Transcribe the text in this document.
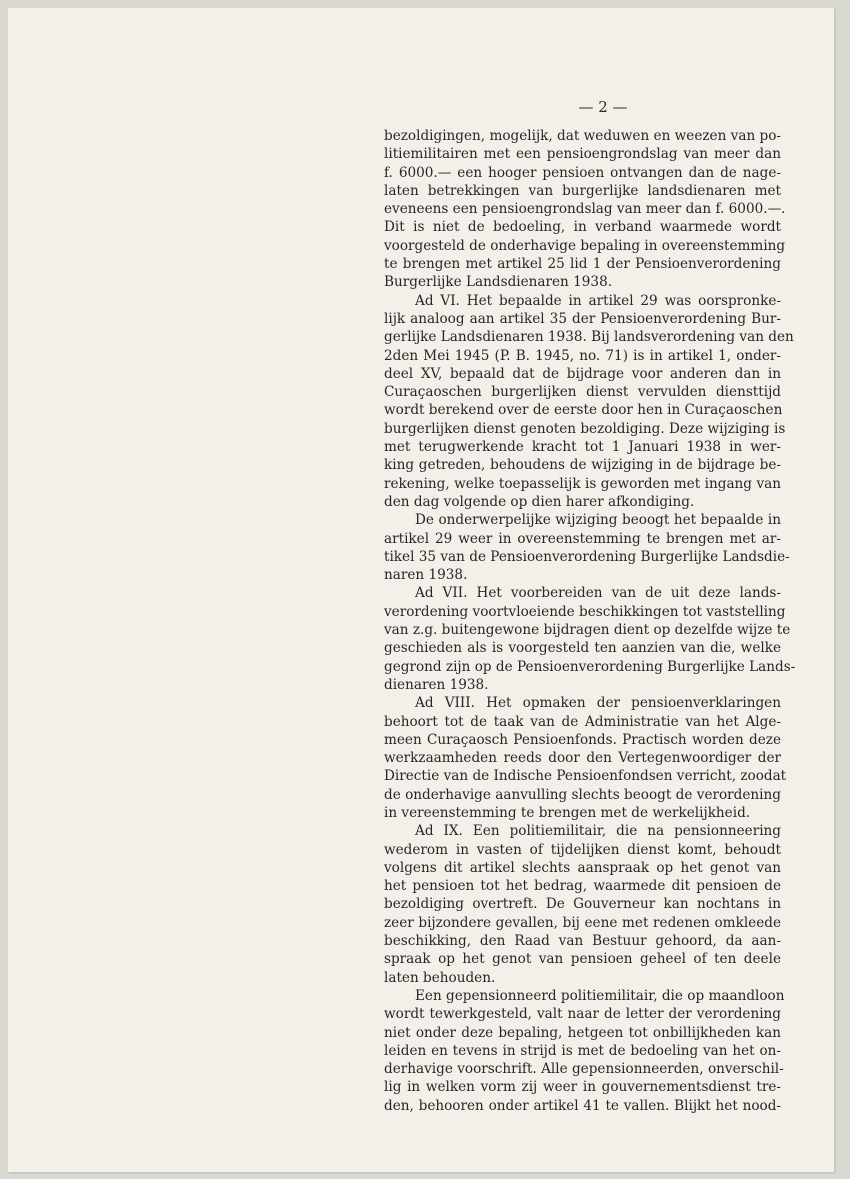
— 2 —
bezoldigingen, mogelijk, dat weduwen en weezen van po-
litiemilitairen met een pensioengrondslag van meer dan
f. 6000.— een hooger pensioen ontvangen dan de nage-
laten betrekkingen van burgerlijke landsdienaren met
eveneens een pensioengrondslag van meer dan f. 6000.—.
Dit is niet de bedoeling, in verband waarmede wordt
voorgesteld de onderhavige bepaling in overeenstemming
te brengen met artikel 25 lid 1 der Pensioenverordening
Burgerlijke Landsdienaren 1938.
Ad VI. Het bepaalde in artikel 29 was oorspronke-
lijk analoog aan artikel 35 der Pensioenverordening Bur-
gerlijke Landsdienaren 1938. Bij landsverordening van den
2den Mei 1945 (P. B. 1945, no. 71) is in artikel 1, onder-
deel XV, bepaald dat de bijdrage voor anderen dan in
Curaçaoschen burgerlijken dienst vervulden diensttijd
wordt berekend over de eerste door hen in Curaçaoschen
burgerlijken dienst genoten bezoldiging. Deze wijziging is
met terugwerkende kracht tot 1 Januari 1938 in wer-
king getreden, behoudens de wijziging in de bijdrage be-
rekening, welke toepasselijk is geworden met ingang van
den dag volgende op dien harer afkondiging.
De onderwerpelijke wijziging beoogt het bepaalde in
artikel 29 weer in overeenstemming te brengen met ar-
tikel 35 van de Pensioenverordening Burgerlijke Landsdie-
naren 1938.
Ad VII. Het voorbereiden van de uit deze lands-
verordening voortvloeiende beschikkingen tot vaststelling
van z.g. buitengewone bijdragen dient op dezelfde wijze te
geschieden als is voorgesteld ten aanzien van die, welke
gegrond zijn op de Pensioenverordening Burgerlijke Lands-
dienaren 1938.
Ad VIII. Het opmaken der pensioenverklaringen
behoort tot de taak van de Administratie van het Alge-
meen Curaçaosch Pensioenfonds. Practisch worden deze
werkzaamheden reeds door den Vertegenwoordiger der
Directie van de Indische Pensioenfondsen verricht, zoodat
de onderhavige aanvulling slechts beoogt de verordening
in vereenstemming te brengen met de werkelijkheid.
Ad IX. Een politiemilitair, die na pensionneering
wederom in vasten of tijdelijken dienst komt, behoudt
volgens dit artikel slechts aanspraak op het genot van
het pensioen tot het bedrag, waarmede dit pensioen de
bezoldiging overtreft. De Gouverneur kan nochtans in
zeer bijzondere gevallen, bij eene met redenen omkleede
beschikking, den Raad van Bestuur gehoord, da aan-
spraak op het genot van pensioen geheel of ten deele
laten behouden.
Een gepensionneerd politiemilitair, die op maandloon
wordt tewerkgesteld, valt naar de letter der verordening
niet onder deze bepaling, hetgeen tot onbillijkheden kan
leiden en tevens in strijd is met de bedoeling van het on-
derhavige voorschrift. Alle gepensionneerden, onverschil-
lig in welken vorm zij weer in gouvernementsdienst tre-
den, behooren onder artikel 41 te vallen. Blijkt het nood-
